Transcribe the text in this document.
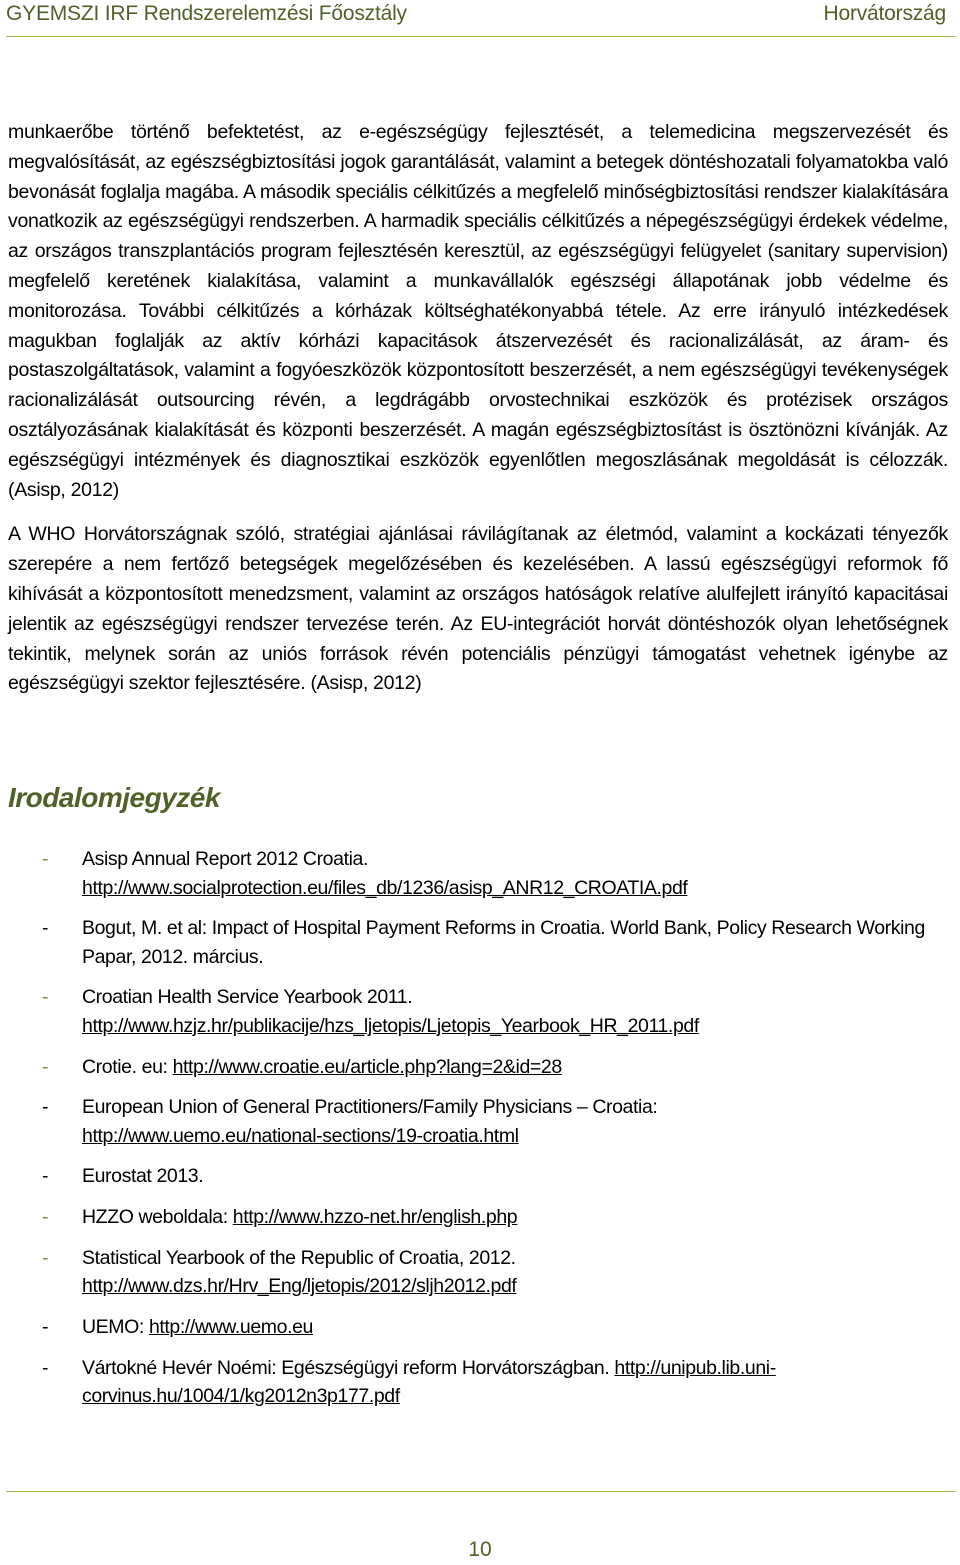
GYEMSZI IRF Rendszerelemzési Főosztály	Horvátország

munkaerőbe történő befektetést, az e-egészségügy fejlesztését, a telemedicina megszervezését és megvalósítását, az egészségbiztosítási jogok garantálását, valamint a betegek döntéshozatali folyamatokba való bevonását foglalja magába. A második speciális célkitűzés a megfelelő minőségbiztosítási rendszer kialakítására vonatkozik az egészségügyi rendszerben. A harmadik speciális célkitűzés a népegészségügyi érdekek védelme, az országos transzplantációs program fejlesztésén keresztül, az egészségügyi felügyelet (sanitary supervision) megfelelő keretének kialakítása, valamint a munkavállalók egészségi állapotának jobb védelme és monitorozása. További célkitűzés a kórházak költséghatékonyabbá tétele. Az erre irányuló intézkedések magukban foglalják az aktív kórházi kapacitások átszervezését és racionalizálását, az áram- és postaszolgáltatások, valamint a fogyóeszközök központosított beszerzését, a nem egészségügyi tevékenységek racionalizálását outsourcing révén, a legdrágább orvostechnikai eszközök és protézisek országos osztályozásának kialakítását és központi beszerzését. A magán egészségbiztosítást is ösztönözni kívánják. Az egészségügyi intézmények és diagnosztikai eszközök egyenlőtlen megoszlásának megoldását is célozzák. (Asisp, 2012)

A WHO Horvátországnak szóló, stratégiai ajánlásai rávilágítanak az életmód, valamint a kockázati tényezők szerepére a nem fertőző betegségek megelőzésében és kezelésében. A lassú egészségügyi reformok fő kihívását a központosított menedzsment, valamint az országos hatóságok relatíve alulfejlett irányító kapacitásai jelentik az egészségügyi rendszer tervezése terén. Az EU-integrációt horvát döntéshozók olyan lehetőségnek tekintik, melynek során az uniós források révén potenciális pénzügyi támogatást vehetnek igénybe az egészségügyi szektor fejlesztésére. (Asisp, 2012)

Irodalomjegyzék
- Asisp Annual Report 2012 Croatia.
http://www.socialprotection.eu/files_db/1236/asisp_ANR12_CROATIA.pdf
- Bogut, M. et al: Impact of Hospital Payment Reforms in Croatia. World Bank, Policy Research Working Papar, 2012. március.
- Croatian Health Service Yearbook 2011.
http://www.hzjz.hr/publikacije/hzs_ljetopis/Ljetopis_Yearbook_HR_2011.pdf
- Crotie. eu: http://www.croatie.eu/article.php?lang=2&id=28
- European Union of General Practitioners/Family Physicians – Croatia:
http://www.uemo.eu/national-sections/19-croatia.html
- Eurostat 2013.
- HZZO weboldala: http://www.hzzo-net.hr/english.php
- Statistical Yearbook of the Republic of Croatia, 2012.
http://www.dzs.hr/Hrv_Eng/ljetopis/2012/sljh2012.pdf
- UEMO: http://www.uemo.eu
- Vártokné Hevér Noémi: Egészségügyi reform Horvátországban. http://unipub.lib.uni-corvinus.hu/1004/1/kg2012n3p177.pdf
10
